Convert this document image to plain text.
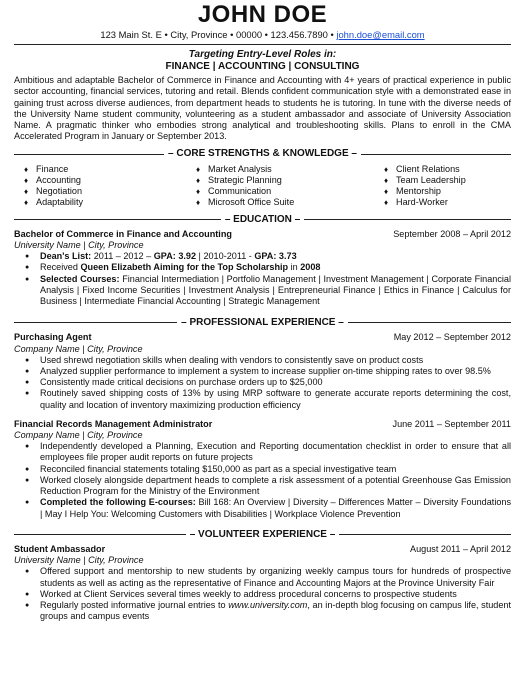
JOHN DOE
123 Main St. E • City, Province • 00000 • 123.456.7890 • john.doe@email.com
Targeting Entry-Level Roles in:
FINANCE | ACCOUNTING | CONSULTING
Ambitious and adaptable Bachelor of Commerce in Finance and Accounting with 4+ years of practical experience in public sector accounting, financial services, tutoring and retail. Blends confident communication style with a demonstrated ease in gaining trust across diverse audiences, from department heads to students he is tutoring. In tune with the diverse needs of the University Name student community, volunteering as a student ambassador and associate of University Association Name. A pragmatic thinker who embodies strong analytical and troubleshooting skills. Plans to enroll in the CMA Accelerated Program in January or September 2013.
– CORE STRENGTHS & KNOWLEDGE –
♦ Finance	♦ Market Analysis	♦ Client Relations
♦ Accounting	♦ Strategic Planning	♦ Team Leadership
♦ Negotiation	♦ Communication	♦ Mentorship
♦ Adaptability	♦ Microsoft Office Suite	♦ Hard-Worker
– EDUCATION –
Bachelor of Commerce in Finance and Accounting	September 2008 – April 2012
University Name | City, Province
● Dean's List: 2011 – 2012 – GPA: 3.92 | 2010-2011 - GPA: 3.73
● Received Queen Elizabeth Aiming for the Top Scholarship in 2008
● Selected Courses: Financial Intermediation | Portfolio Management | Investment Management | Corporate Financial Analysis | Fixed Income Securities | Investment Analysis | Entrepreneurial Finance | Ethics in Finance | Calculus for Business | Intermediate Financial Accounting | Strategic Management
– PROFESSIONAL EXPERIENCE –
Purchasing Agent	May 2012 – September 2012
Company Name | City, Province
● Used shrewd negotiation skills when dealing with vendors to consistently save on product costs
● Analyzed supplier performance to implement a system to increase supplier on-time shipping rates to over 98.5%
● Consistently made critical decisions on purchase orders up to $25,000
● Routinely saved shipping costs of 13% by using MRP software to generate accurate reports determining the cost, quality and location of inventory maximizing production efficiency
Financial Records Management Administrator	June 2011 – September 2011
Company Name | City, Province
● Independently developed a Planning, Execution and Reporting documentation checklist in order to ensure that all employees file proper audit reports on future projects
● Reconciled financial statements totaling $150,000 as part as a special investigative team
● Worked closely alongside department heads to complete a risk assessment of a potential Greenhouse Gas Emission Reduction Program for the Ministry of the Environment
● Completed the following E-courses: Bill 168: An Overview | Diversity – Differences Matter – Diversity Foundations | May I Help You: Welcoming Customers with Disabilities | Workplace Violence Prevention
– VOLUNTEER EXPERIENCE –
Student Ambassador	August 2011 – April 2012
University Name | City, Province
● Offered support and mentorship to new students by organizing weekly campus tours for hundreds of prospective students as well as acting as the representative of Finance and Accounting Majors at the Province University Fair
● Worked at Client Services several times weekly to address procedural concerns to prospective students
● Regularly posted informative journal entries to www.university.com, an in-depth blog focusing on campus life, student groups and campus events
